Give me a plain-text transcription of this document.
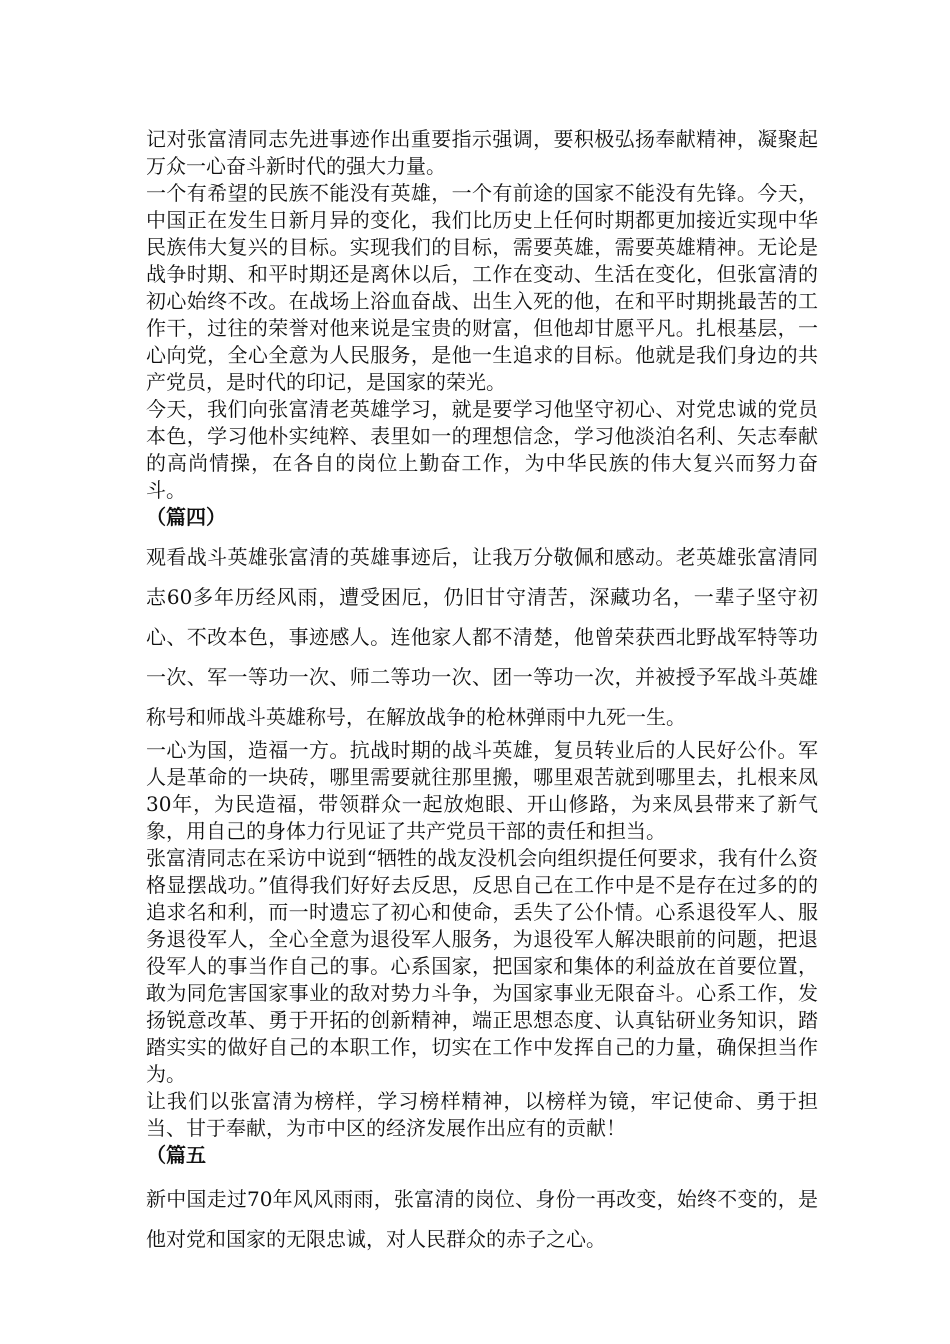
记对张富清同志先进事迹作出重要指示强调，要积极弘扬奉献精神，凝聚起万众一心奋斗新时代的强大力量。

一个有希望的民族不能没有英雄，一个有前途的国家不能没有先锋。今天，中国正在发生日新月异的变化，我们比历史上任何时期都更加接近实现中华民族伟大复兴的目标。实现我们的目标，需要英雄，需要英雄精神。无论是战争时期、和平时期还是离休以后，工作在变动、生活在变化，但张富清的初心始终不改。在战场上浴血奋战、出生入死的他，在和平时期挑最苦的工作干，过往的荣誉对他来说是宝贵的财富，但他却甘愿平凡。扎根基层，一心向党，全心全意为人民服务，是他一生追求的目标。他就是我们身边的共产党员，是时代的印记，是国家的荣光。

今天，我们向张富清老英雄学习，就是要学习他坚守初心、对党忠诚的党员本色，学习他朴实纯粹、表里如一的理想信念，学习他淡泊名利、矢志奉献的高尚情操，在各自的岗位上勤奋工作，为中华民族的伟大复兴而努力奋斗。

（篇四）

观看战斗英雄张富清的英雄事迹后，让我万分敬佩和感动。老英雄张富清同志60多年历经风雨，遭受困厄，仍旧甘守清苦，深藏功名，一辈子坚守初心、不改本色，事迹感人。连他家人都不清楚，他曾荣获西北野战军特等功一次、军一等功一次、师二等功一次、团一等功一次，并被授予军战斗英雄称号和师战斗英雄称号，在解放战争的枪林弹雨中九死一生。

一心为国，造福一方。抗战时期的战斗英雄，复员转业后的人民好公仆。军人是革命的一块砖，哪里需要就往那里搬，哪里艰苦就到哪里去，扎根来凤30年，为民造福，带领群众一起放炮眼、开山修路，为来凤县带来了新气象，用自己的身体力行见证了共产党员干部的责任和担当。

张富清同志在采访中说到“牺牲的战友没机会向组织提任何要求，我有什么资格显摆战功。”值得我们好好去反思，反思自己在工作中是不是存在过多的的追求名和利，而一时遗忘了初心和使命，丢失了公仆情。心系退役军人、服务退役军人，全心全意为退役军人服务，为退役军人解决眼前的问题，把退役军人的事当作自己的事。心系国家，把国家和集体的利益放在首要位置，敢为同危害国家事业的敌对势力斗争，为国家事业无限奋斗。心系工作，发扬锐意改革、勇于开拓的创新精神，端正思想态度、认真钻研业务知识，踏踏实实的做好自己的本职工作，切实在工作中发挥自己的力量，确保担当作为。

让我们以张富清为榜样，学习榜样精神，以榜样为镜，牢记使命、勇于担当、甘于奉献，为市中区的经济发展作出应有的贡献！

（篇五

新中国走过70年风风雨雨，张富清的岗位、身份一再改变，始终不变的，是他对党和国家的无限忠诚，对人民群众的赤子之心。
